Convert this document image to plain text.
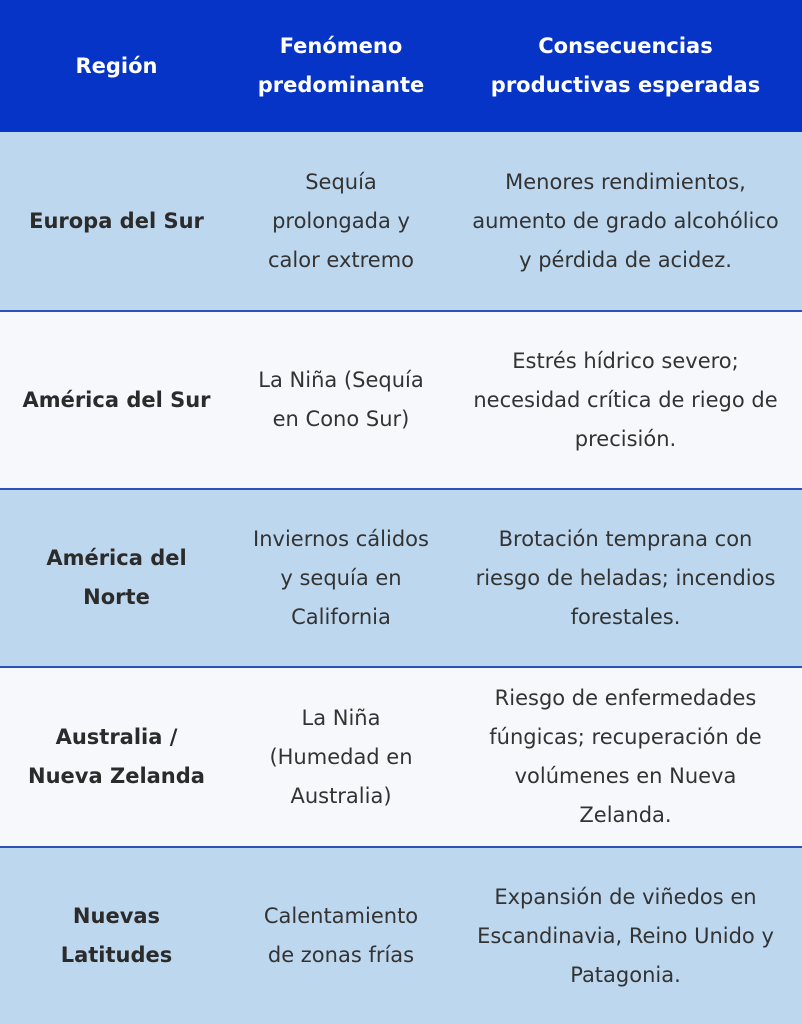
Región
Fenómeno predominante
Consecuencias productivas esperadas
Europa del Sur
Sequía prolongada y calor extremo
Menores rendimientos, aumento de grado alcohólico y pérdida de acidez.
América del Sur
La Niña (Sequía en Cono Sur)
Estrés hídrico severo; necesidad crítica de riego de precisión.
América del Norte
Inviernos cálidos y sequía en California
Brotación temprana con riesgo de heladas; incendios forestales.
Australia / Nueva Zelanda
La Niña (Humedad en Australia)
Riesgo de enfermedades fúngicas; recuperación de volúmenes en Nueva Zelanda.
Nuevas Latitudes
Calentamiento de zonas frías
Expansión de viñedos en Escandinavia, Reino Unido y Patagonia.
